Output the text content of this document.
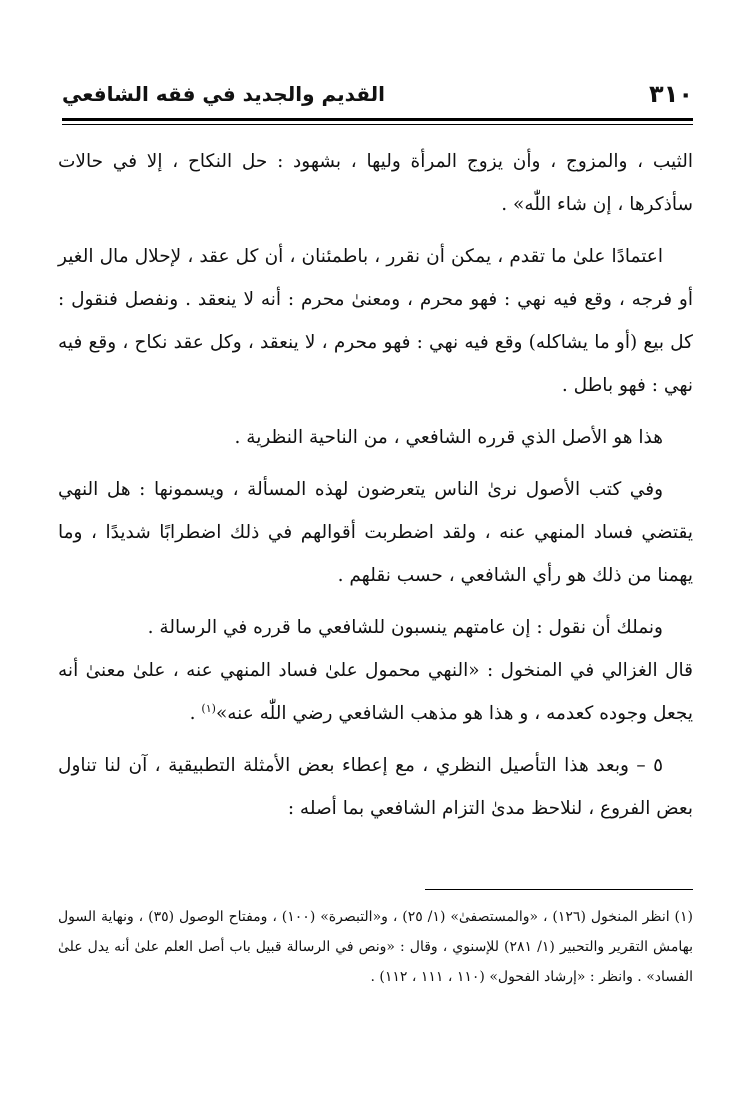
٣١٠
القديم والجديد في فقه الشافعي

الثيب ، والمزوج ، وأن يزوج المرأة وليها ، بشهود : حل النكاح ، إلا في حالات سأذكرها ، إن شاء اللّٰه» .

اعتمادًا علىٰ ما تقدم ، يمكن أن نقرر ، باطمئنان ، أن كل عقد ، لإحلال مال الغير أو فرجه ، وقع فيه نهي : فهو محرم ، ومعنىٰ محرم : أنه لا ينعقد . ونفصل فنقول : كل بيع (أو ما يشاكله) وقع فيه نهي : فهو محرم ، لا ينعقد ، وكل عقد نكاح ، وقع فيه نهي : فهو باطل .

هذا هو الأصل الذي قرره الشافعي ، من الناحية النظرية .

وفي كتب الأصول نرىٰ الناس يتعرضون لهذه المسألة ، ويسمونها : هل النهي يقتضي فساد المنهي عنه ، ولقد اضطربت أقوالهم في ذلك اضطرابًا شديدًا ، وما يهمنا من ذلك هو رأي الشافعي ، حسب نقلهم .

ونملك أن نقول : إن عامتهم ينسبون للشافعي ما قرره في الرسالة .

قال الغزالي في المنخول : «النهي محمول علىٰ فساد المنهي عنه ، علىٰ معنىٰ أنه يجعل وجوده كعدمه ، و هذا هو مذهب الشافعي رضي اللّٰه عنه»$^{(١)}$ .

٥ – وبعد هذا التأصيل النظري ، مع إعطاء بعض الأمثلة التطبيقية ، آن لنا تناول بعض الفروع ، لنلاحظ مدىٰ التزام الشافعي بما أصله :

(١) انظر المنخول (١٢٦) ، «والمستصفىٰ» (١/ ٢٥) ، و«التبصرة» (١٠٠) ، ومفتاح الوصول (٣٥) ، ونهاية السول بهامش التقرير والتحبير (١/ ٢٨١) للإسنوي ، وقال : «ونص في الرسالة قبيل باب أصل العلم علىٰ أنه يدل علىٰ الفساد» . وانظر : «إرشاد الفحول» (١١٠ ، ١١١ ، ١١٢) .
